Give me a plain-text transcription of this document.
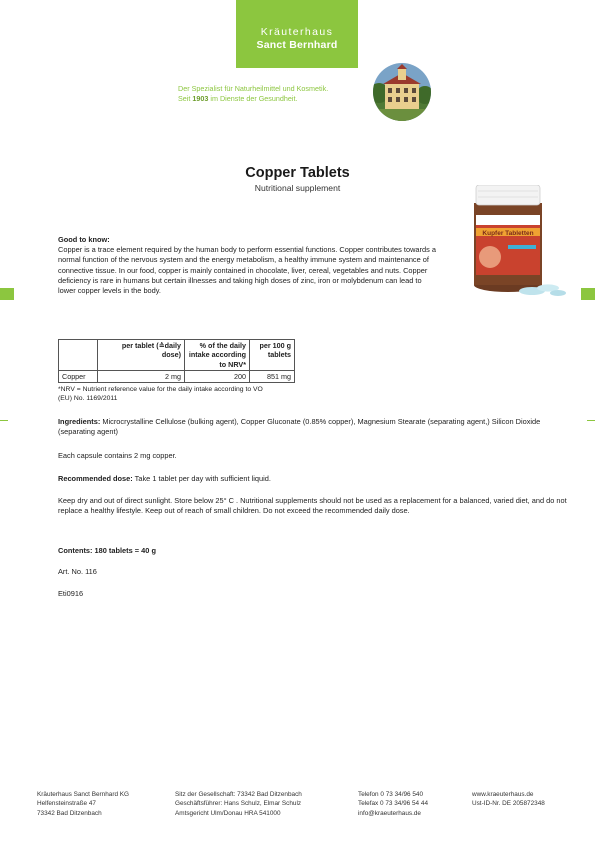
Kräuterhaus
Sanct Bernhard
Der Spezialist für Naturheilmittel und Kosmetik.
Seit 1903 im Dienste der Gesundheit.
Copper Tablets
Nutritional supplement
Kupfer Tabletten
Good to know:
Copper is a trace element required by the human body to perform essential functions. Copper contributes towards a normal function of the nervous system and the energy metabolism, a healthy immune system and maintenance of connective tissue. In our food, copper is mainly contained in chocolate, liver, cereal, vegetables and nuts. Copper deficiency is rare in humans but certain illnesses and taking high doses of zinc, iron or molybdenum can lead to lower copper levels in the body.
	per tablet (≙daily dose)	% of the daily intake according to NRV*	per 100 g tablets
Copper	2 mg	200	851 mg
*NRV = Nutrient reference value for the daily intake according to VO (EU) No. 1169/2011
Ingredients: Microcrystalline Cellulose (bulking agent), Copper Gluconate (0.85% copper), Magnesium Stearate (separating agent,) Silicon Dioxide (separating agent)
Each capsule contains 2 mg copper.
Recommended dose: Take 1 tablet per day with sufficient liquid.
Keep dry and out of direct sunlight. Store below 25° C . Nutritional supplements should not be used as a replacement for a balanced, varied diet, and do not replace a healthy lifestyle. Keep out of reach of small children. Do not exceed the recommended daily dose.
Contents: 180 tablets = 40 g
Art. No. 116
Eti0916
Kräuterhaus Sanct Bernhard KG
Helfensteinstraße 47
73342 Bad Ditzenbach
Sitz der Gesellschaft: 73342 Bad Ditzenbach
Geschäftsführer: Hans Schulz, Elmar Schulz
Amtsgericht Ulm/Donau HRA 541000
Telefon 0 73 34/96 540
Telefax 0 73 34/96 54 44
info@kraeuterhaus.de
www.kraeuterhaus.de
Ust-ID-Nr. DE 205872348
